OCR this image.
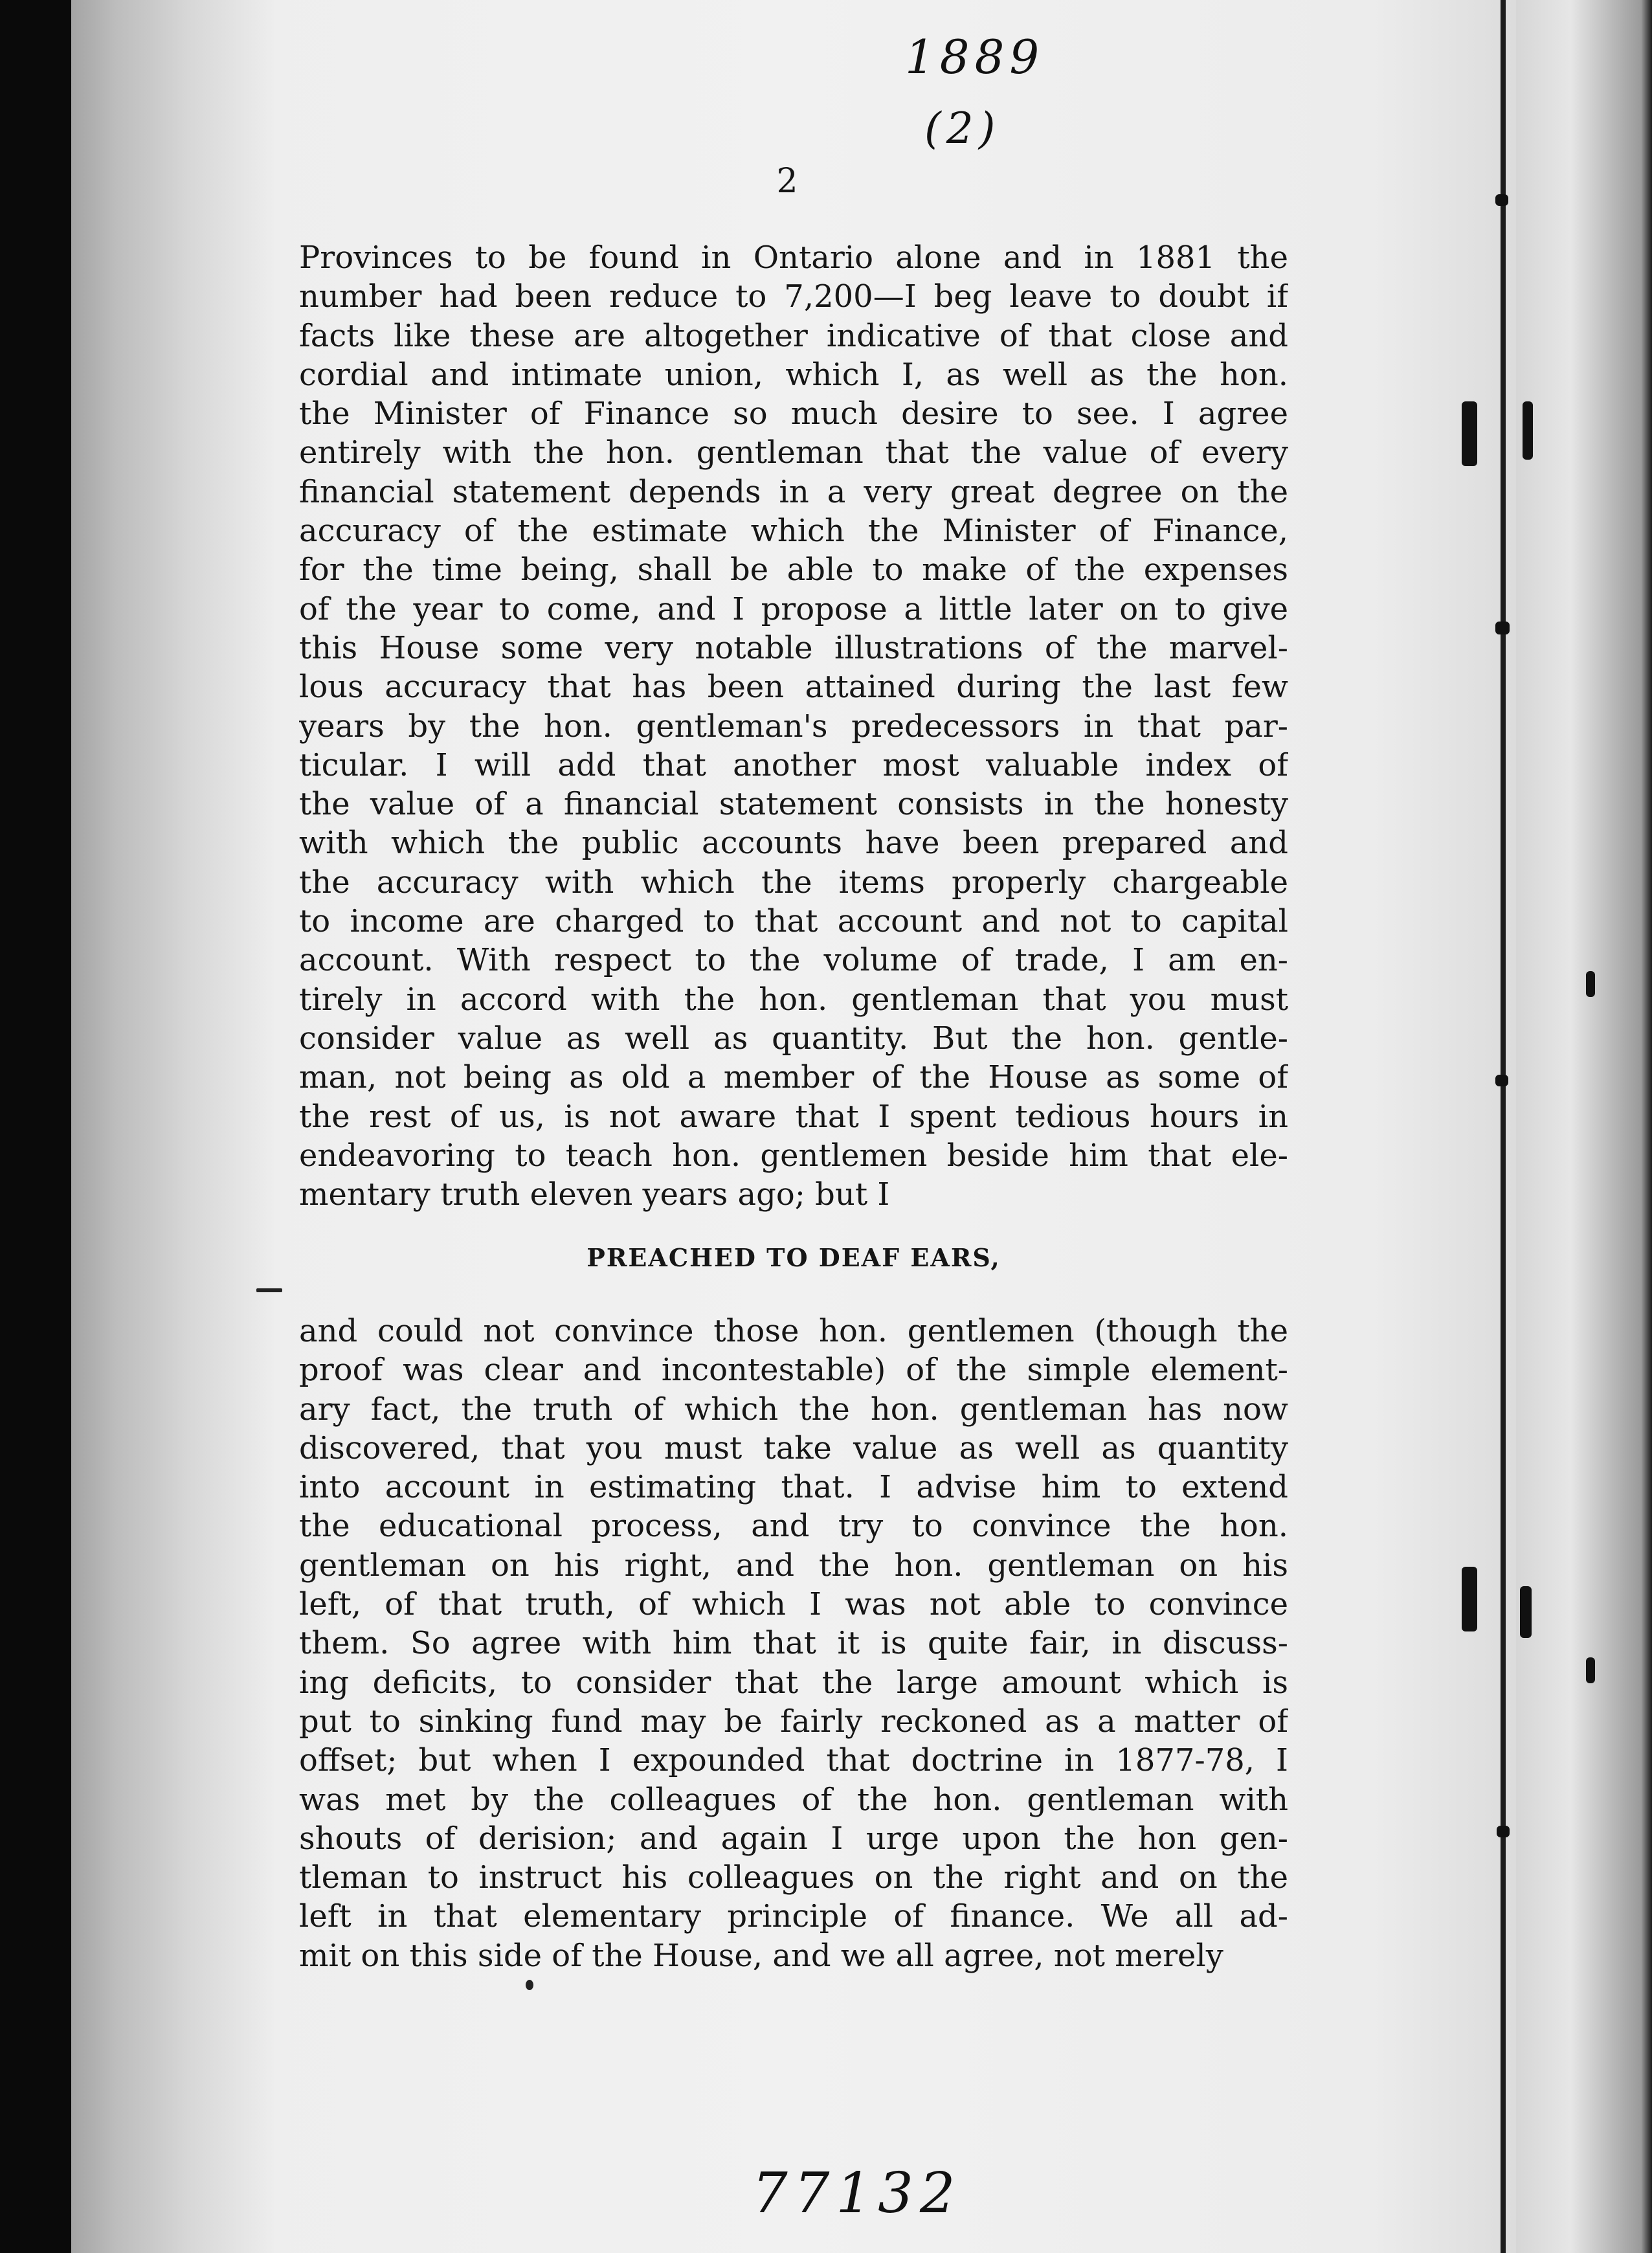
1889
(2)
2
Provinces to be found in Ontario alone and in 1881 the
number had been reduce to 7,200—I beg leave to doubt if
facts like these are altogether indicative of that close and
cordial and intimate union, which I, as well as the hon.
the Minister of Finance so much desire to see. I agree
entirely with the hon. gentleman that the value of every
financial statement depends in a very great degree on the
accuracy of the estimate which the Minister of Finance,
for the time being, shall be able to make of the expenses
of the year to come, and I propose a little later on to give
this House some very notable illustrations of the marvel-
lous accuracy that has been attained during the last few
years by the hon. gentleman's predecessors in that par-
ticular. I will add that another most valuable index of
the value of a financial statement consists in the honesty
with which the public accounts have been prepared and
the accuracy with which the items properly chargeable
to income are charged to that account and not to capital
account. With respect to the volume of trade, I am en-
tirely in accord with the hon. gentleman that you must
consider value as well as quantity. But the hon. gentle-
man, not being as old a member of the House as some of
the rest of us, is not aware that I spent tedious hours in
endeavoring to teach hon. gentlemen beside him that ele-
mentary truth eleven years ago; but I
PREACHED TO DEAF EARS,
and could not convince those hon. gentlemen (though the
proof was clear and incontestable) of the simple element-
ary fact, the truth of which the hon. gentleman has now
discovered, that you must take value as well as quantity
into account in estimating that. I advise him to extend
the educational process, and try to convince the hon.
gentleman on his right, and the hon. gentleman on his
left, of that truth, of which I was not able to convince
them. So agree with him that it is quite fair, in discuss-
ing deficits, to consider that the large amount which is
put to sinking fund may be fairly reckoned as a matter of
offset; but when I expounded that doctrine in 1877-78, I
was met by the colleagues of the hon. gentleman with
shouts of derision; and again I urge upon the hon gen-
tleman to instruct his colleagues on the right and on the
left in that elementary principle of finance. We all ad-
mit on this side of the House, and we all agree, not merely
77132
